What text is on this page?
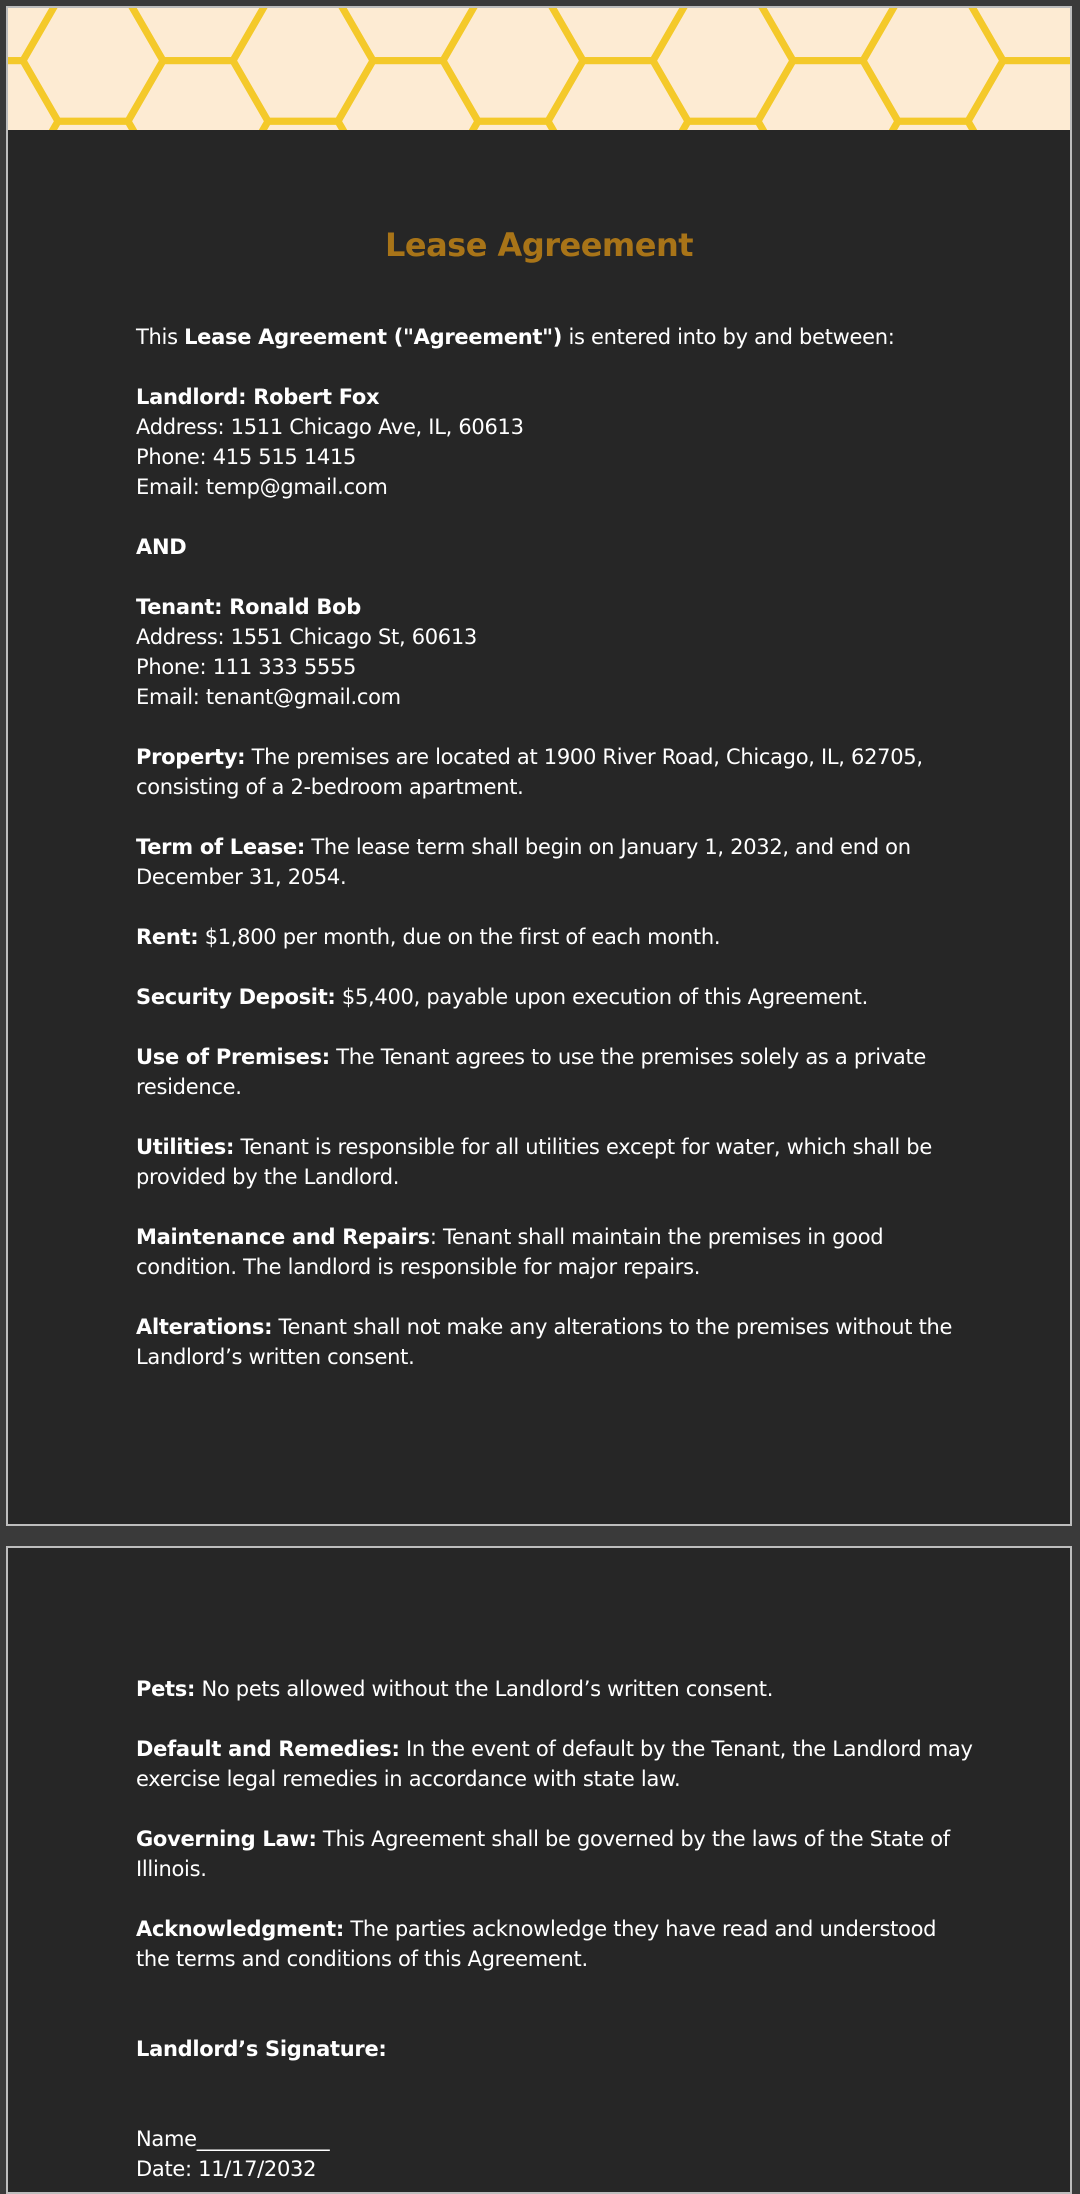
Lease Agreement

This Lease Agreement ("Agreement") is entered into by and between:

Landlord: Robert Fox
Address: 1511 Chicago Ave, IL, 60613
Phone: 415 515 1415
Email: temp@gmail.com

AND

Tenant: Ronald Bob
Address: 1551 Chicago St, 60613
Phone: 111 333 5555
Email: tenant@gmail.com

Property: The premises are located at 1900 River Road, Chicago, IL, 62705, consisting of a 2-bedroom apartment.

Term of Lease: The lease term shall begin on January 1, 2032, and end on December 31, 2054.

Rent: $1,800 per month, due on the first of each month.

Security Deposit: $5,400, payable upon execution of this Agreement.

Use of Premises: The Tenant agrees to use the premises solely as a private residence.

Utilities: Tenant is responsible for all utilities except for water, which shall be provided by the Landlord.

Maintenance and Repairs: Tenant shall maintain the premises in good condition. The landlord is responsible for major repairs.

Alterations: Tenant shall not make any alterations to the premises without the Landlord’s written consent.

Pets: No pets allowed without the Landlord’s written consent.

Default and Remedies: In the event of default by the Tenant, the Landlord may exercise legal remedies in accordance with state law.

Governing Law: This Agreement shall be governed by the laws of the State of Illinois.

Acknowledgment: The parties acknowledge they have read and understood the terms and conditions of this Agreement.

Landlord’s Signature:

Name_____________
Date: 11/17/2032
